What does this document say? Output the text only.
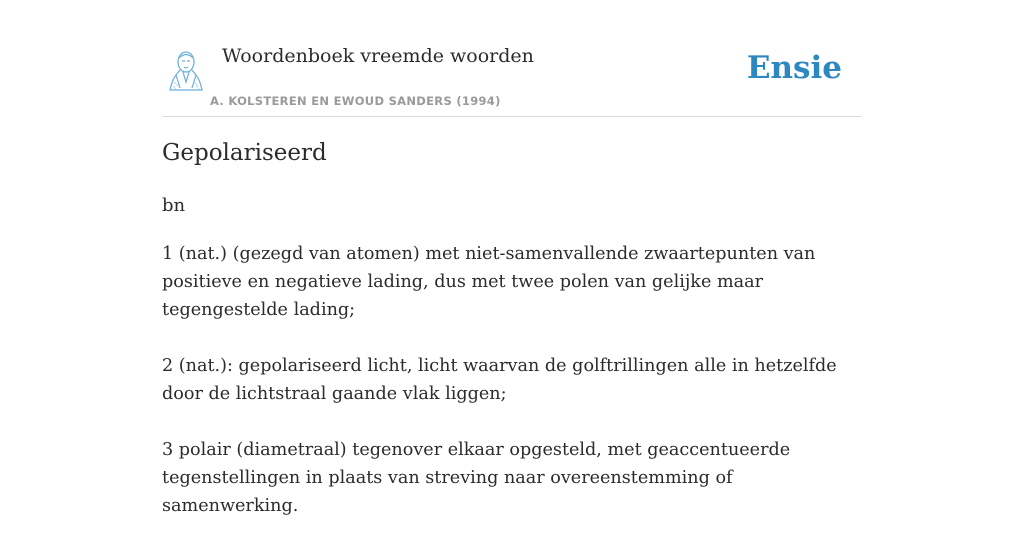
Woordenboek vreemde woorden
A. KOLSTEREN EN EWOUD SANDERS (1994)
Ensie
Gepolariseerd
bn

1 (nat.) (gezegd van atomen) met niet-samenvallende zwaartepunten van positieve en negatieve lading, dus met twee polen van gelijke maar tegengestelde lading;

2 (nat.): gepolariseerd licht, licht waarvan de golftrillingen alle in hetzelfde door de lichtstraal gaande vlak liggen;

3 polair (diametraal) tegenover elkaar opgesteld, met geaccentueerde tegenstellingen in plaats van streving naar overeenstemming of samenwerking.
